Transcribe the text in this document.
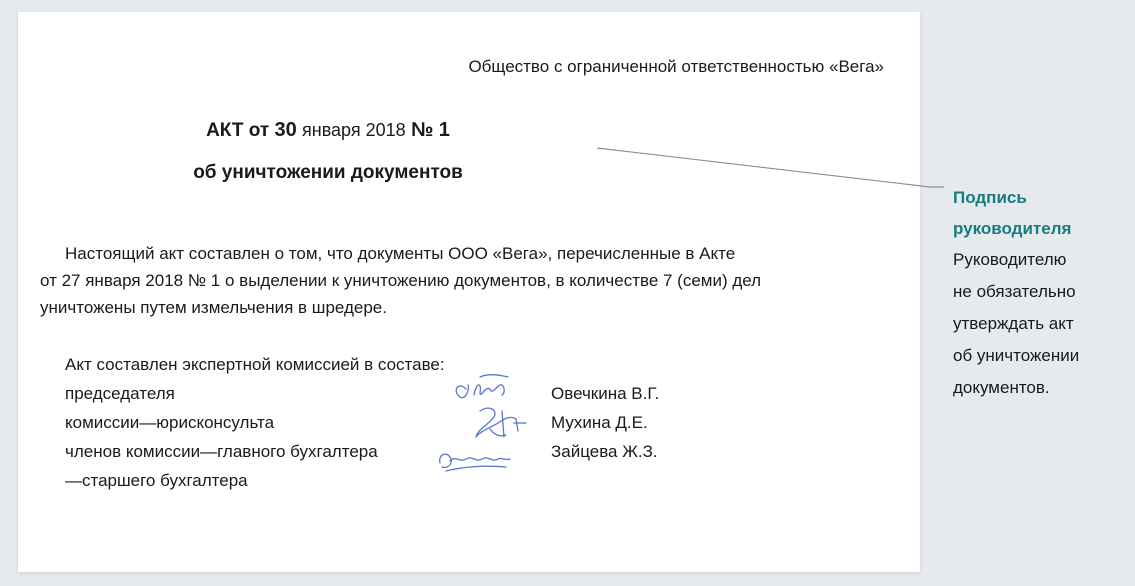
Общество с ограниченной ответственностью «Вега»

АКТ от 30 января 2018 № 1

об уничтожении документов

Настоящий акт составлен о том, что документы ООО «Вега», перечисленные в Акте
от 27 января 2018 № 1 о выделении к уничтожению документов, в количестве 7 (семи) дел
уничтожены путем измельчения в шредере.
Акт составлен экспертной комиссией в составе:
председателя
комиссии—юрисконсульта
членов комиссии—главного бухгалтера
—старшего бухгалтера
Овечкина В.Г.
Мухина Д.Е.
Зайцева Ж.З.
Подпись
руководителя
Руководителю
не обязательно
утверждать акт
об уничтожении
документов.
